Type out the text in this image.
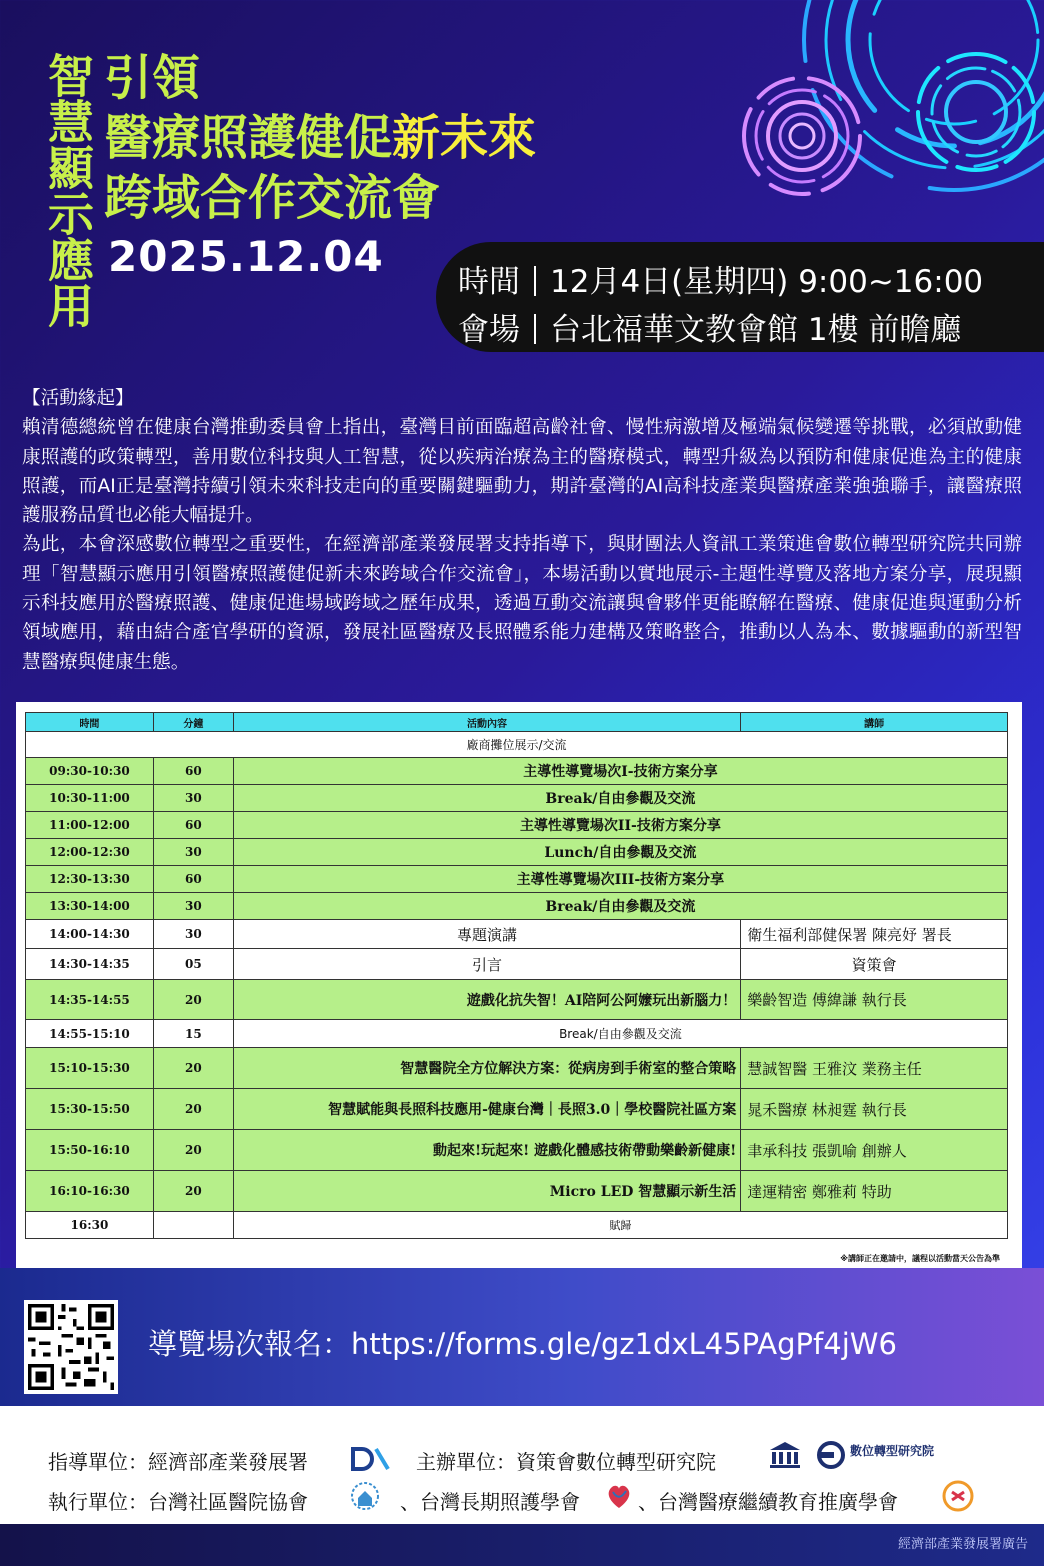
智慧顯示應用 引領
醫療照護健促新未來
跨域合作交流會
2025.12.04
時間 12月4日(星期四) 9:00~16:00
會場 台北福華文教會館 1樓 前瞻廳

【活動緣起】

賴清德總統曾在健康台灣推動委員會上指出，臺灣目前面臨超高齡社會、慢性病激增及極端氣候變遷等挑戰，必須啟動健康照護的政策轉型，善用數位科技與人工智慧，從以疾病治療為主的醫療模式，轉型升級為以預防和健康促進為主的健康照護，而AI正是臺灣持續引領未來科技走向的重要關鍵驅動力，期許臺灣的AI高科技產業與醫療產業強強聯手，讓醫療照護服務品質也必能大幅提升。

為此，本會深感數位轉型之重要性，在經濟部產業發展署支持指導下，與財團法人資訊工業策進會數位轉型研究院共同辦理「智慧顯示應用引領醫療照護健促新未來跨域合作交流會」，本場活動以實地展示-主題性導覽及落地方案分享，展現顯示科技應用於醫療照護、健康促進場域跨域之歷年成果，透過互動交流讓與會夥伴更能瞭解在醫療、健康促進與運動分析領域應用，藉由結合產官學研的資源，發展社區醫療及長照體系能力建構及策略整合，推動以人為本、數據驅動的新型智慧醫療與健康生態。

時間	分鐘	活動內容	講師
廠商攤位展示/交流			
09:30-10:30	60	主導性導覽場次I-技術方案分享	
10:30-11:00	30	Break/自由參觀及交流	
11:00-12:00	60	主導性導覽場次II-技術方案分享	
12:00-12:30	30	Lunch/自由參觀及交流	
12:30-13:30	60	主導性導覽場次III-技術方案分享	
13:30-14:00	30	Break/自由參觀及交流	
14:00-14:30	30	專題演講	衛生福利部健保署 陳亮妤 署長
14:30-14:35	05	引言	資策會
14:35-14:55	20	遊戲化抗失智！AI陪阿公阿嬤玩出新腦力！	樂齡智造 傅緯謙 執行長
14:55-15:10	15	Break/自由參觀及交流	
15:10-15:30	20	智慧醫院全方位解決方案：從病房到手術室的整合策略	慧誠智醫 王雅汶 業務主任
15:30-15:50	20	智慧賦能與長照科技應用-健康台灣｜長照3.0｜學校醫院社區方案	晁禾醫療 林昶霆 執行長
15:50-16:10	20	動起來!玩起來! 遊戲化體感技術帶動樂齡新健康!	聿承科技 張凱喻 創辦人
16:10-16:30	20	Micro LED 智慧顯示新生活	達運精密 鄭雅莉 特助
16:30		賦歸	
※講師正在邀請中，議程以活動當天公告為準
導覽場次報名：https://forms.gle/gz1dxL45PAgPf4jW6
指導單位：經濟部產業發展署	主辦單位：資策會數位轉型研究院	數位轉型研究院
執行單位：台灣社區醫院協會	、台灣長期照護學會	、台灣醫療繼續教育推廣學會
經濟部產業發展署廣告
